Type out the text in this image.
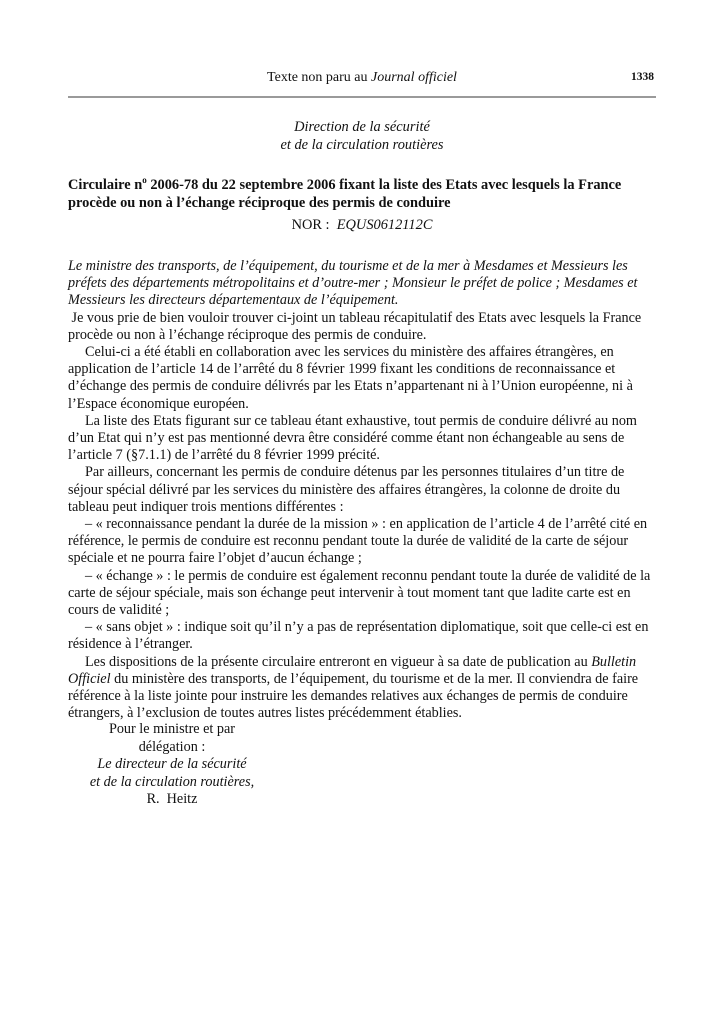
Texte non paru au Journal officiel	1338
Direction de la sécurité
et de la circulation routières
Circulaire $n^o$ 2006-78 du 22 septembre 2006 fixant la liste des Etats avec lesquels la France procède ou non à l’échange réciproque des permis de conduire
NOR : EQUS0612112C

Le ministre des transports, de l’équipement, du tourisme et de la mer à Mesdames et Messieurs les préfets des départements métropolitains et d’outre-mer ; Monsieur le préfet de police ; Mesdames et Messieurs les directeurs départementaux de l’équipement.

Je vous prie de bien vouloir trouver ci-joint un tableau récapitulatif des Etats avec lesquels la France procède ou non à l’échange réciproque des permis de conduire.

Celui-ci a été établi en collaboration avec les services du ministère des affaires étrangères, en application de l’article 14 de l’arrêté du 8 février 1999 fixant les conditions de reconnaissance et d’échange des permis de conduire délivrés par les Etats n’appartenant ni à l’Union européenne, ni à l’Espace économique européen.

La liste des Etats figurant sur ce tableau étant exhaustive, tout permis de conduire délivré au nom d’un Etat qui n’y est pas mentionné devra être considéré comme étant non échangeable au sens de l’article 7 (§7.1.1) de l’arrêté du 8 février 1999 précité.

Par ailleurs, concernant les permis de conduire détenus par les personnes titulaires d’un titre de séjour spécial délivré par les services du ministère des affaires étrangères, la colonne de droite du tableau peut indiquer trois mentions différentes :

– « reconnaissance pendant la durée de la mission » : en application de l’article 4 de l’arrêté cité en référence, le permis de conduire est reconnu pendant toute la durée de validité de la carte de séjour spéciale et ne pourra faire l’objet d’aucun échange ;

– « échange » : le permis de conduire est également reconnu pendant toute la durée de validité de la carte de séjour spéciale, mais son échange peut intervenir à tout moment tant que ladite carte est en cours de validité ;

– « sans objet » : indique soit qu’il n’y a pas de représentation diplomatique, soit que celle-ci est en résidence à l’étranger.

Les dispositions de la présente circulaire entreront en vigueur à sa date de publication au Bulletin Officiel du ministère des transports, de l’équipement, du tourisme et de la mer. Il conviendra de faire référence à la liste jointe pour instruire les demandes relatives aux échanges de permis de conduire étrangers, à l’exclusion de toutes autres listes précédemment établies.

Pour le ministre et par
délégation :
Le directeur de la sécurité
et de la circulation routières,
R.  Heitz
